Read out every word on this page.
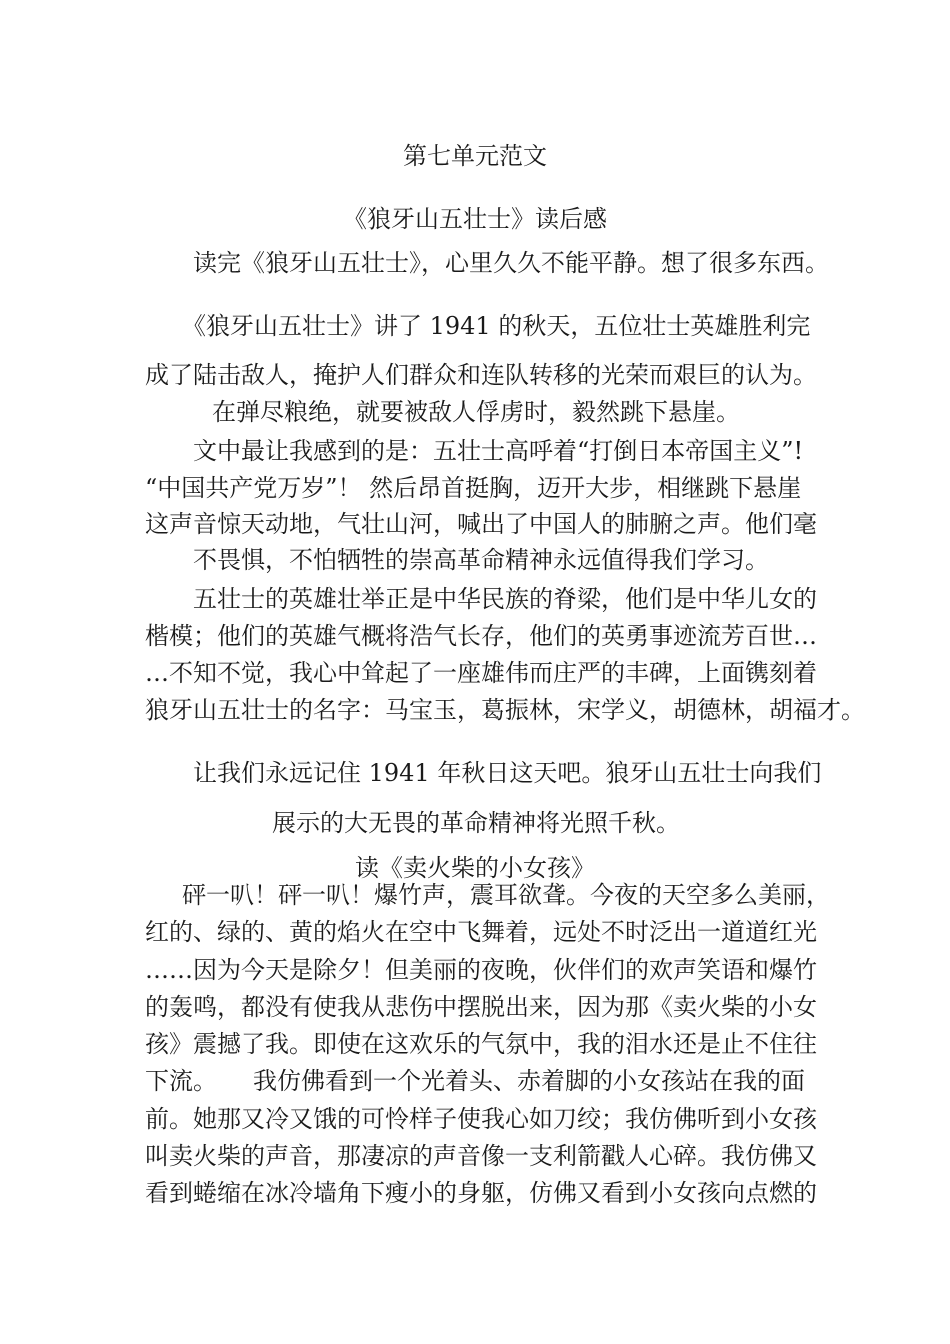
第七单元范文
《狼牙山五壮士》读后感
读完《狼牙山五壮士》，心里久久不能平静。想了很多东西。
《狼牙山五壮士》讲了 1941 的秋天，五位壮士英雄胜利完
成了陆击敌人，掩护人们群众和连队转移的光荣而艰巨的认为。
在弹尽粮绝，就要被敌人俘虏时，毅然跳下悬崖。
文中最让我感到的是：五壮士高呼着“打倒日本帝国主义”!
“中国共产党万岁”！ 然后昂首挺胸，迈开大步，相继跳下悬崖
这声音惊天动地，气壮山河，喊出了中国人的肺腑之声。他们毫
不畏惧，不怕牺牲的崇高革命精神永远值得我们学习。
五壮士的英雄壮举正是中华民族的脊梁，他们是中华儿女的
楷模；他们的英雄气概将浩气长存，他们的英勇事迹流芳百世…
…不知不觉，我心中耸起了一座雄伟而庄严的丰碑，上面镌刻着
狼牙山五壮士的名字：马宝玉，葛振林，宋学义，胡德林，胡福才。
让我们永远记住 1941 年秋日这天吧。狼牙山五壮士向我们
展示的大无畏的革命精神将光照千秋。
读《卖火柴的小女孩》
砰一叭！砰一叭！爆竹声，震耳欲聋。今夜的天空多么美丽，
红的、绿的、黄的焰火在空中飞舞着，远处不时泛出一道道红光
……因为今天是除夕！但美丽的夜晚，伙伴们的欢声笑语和爆竹
的轰鸣，都没有使我从悲伤中摆脱出来，因为那《卖火柴的小女
孩》震撼了我。即使在这欢乐的气氛中，我的泪水还是止不住往
下流。　　我仿佛看到一个光着头、赤着脚的小女孩站在我的面
前。她那又冷又饿的可怜样子使我心如刀绞；我仿佛听到小女孩
叫卖火柴的声音，那凄凉的声音像一支利箭戳人心碎。我仿佛又
看到蜷缩在冰冷墙角下瘦小的身躯，仿佛又看到小女孩向点燃的
